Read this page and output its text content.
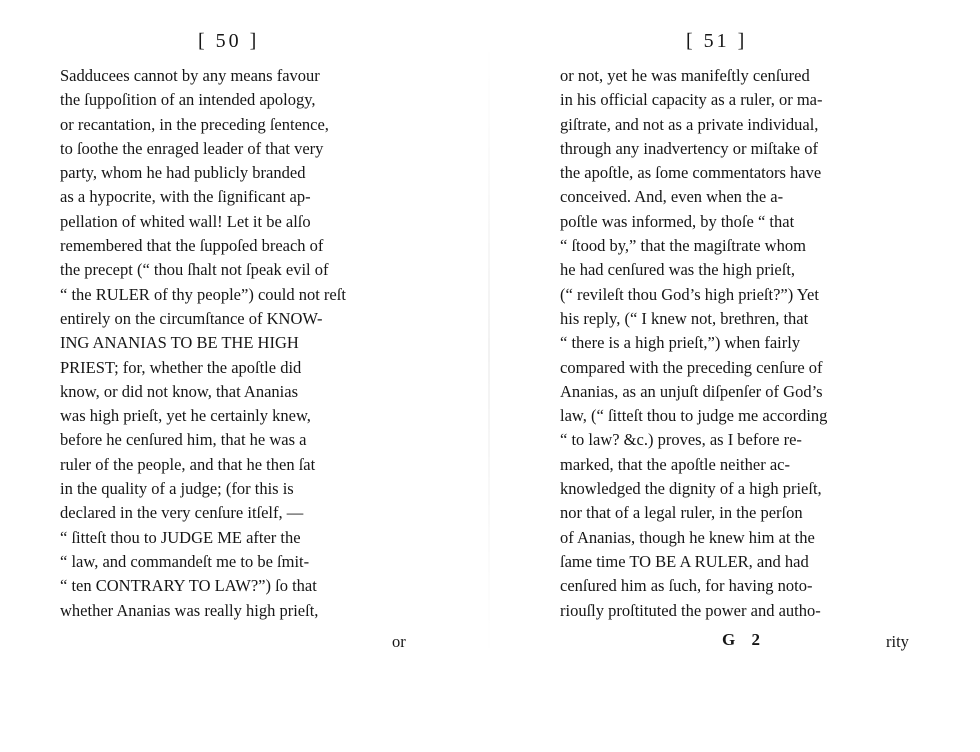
[ 50 ]
Sadducees cannot by any means favour
the ſuppoſition of an intended apology,
or recantation, in the preceding ſentence,
to ſoothe the enraged leader of that very
party, whom he had publicly branded
as a hypocrite, with the ſignificant ap-
pellation of whited wall! Let it be alſo
remembered that the ſuppoſed breach of
the precept (“ thou ſhalt not ſpeak evil of
“ the RULER of thy people”) could not reſt
entirely on the circumſtance of KNOW-
ING ANANIAS TO BE THE HIGH
PRIEST; for, whether the apoſtle did
know, or did not know, that Ananias
was high prieſt, yet he certainly knew,
before he cenſured him, that he was a
ruler of the people, and that he then ſat
in the quality of a judge; (for this is
declared in the very cenſure itſelf, —
“ ſitteſt thou to JUDGE ME after the
“ law, and commandeſt me to be ſmit-
“ ten CONTRARY TO LAW?”) ſo that
whether Ananias was really high prieſt,
or
[ 51 ]
or not, yet he was manifeſtly cenſured
in his official capacity as a ruler, or ma-
giſtrate, and not as a private individual,
through any inadvertency or miſtake of
the apoſtle, as ſome commentators have
conceived. And, even when the a-
poſtle was informed, by thoſe “ that
“ ſtood by,” that the magiſtrate whom
he had cenſured was the high prieſt,
(“ revileſt thou God’s high prieſt?”) Yet
his reply, (“ I knew not, brethren, that
“ there is a high prieſt,”) when fairly
compared with the preceding cenſure of
Ananias, as an unjuſt diſpenſer of God’s
law, (“ ſitteſt thou to judge me according
“ to law? &c.) proves, as I before re-
marked, that the apoſtle neither ac-
knowledged the dignity of a high prieſt,
nor that of a legal ruler, in the perſon
of Ananias, though he knew him at the
ſame time TO BE A RULER, and had
cenſured him as ſuch, for having noto-
riouſly proſtituted the power and autho-
G 2	rity
